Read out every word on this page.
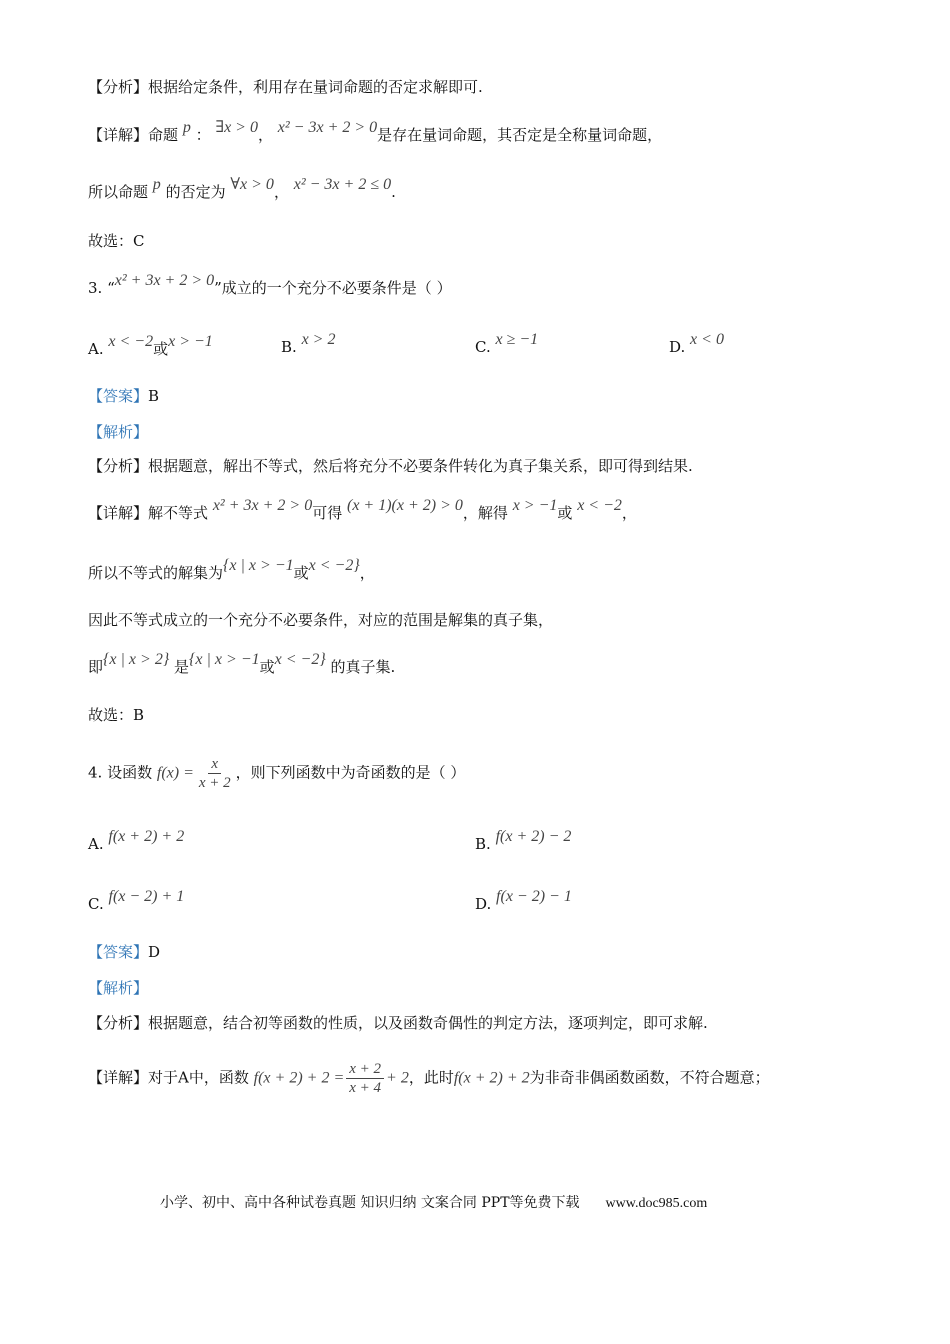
【分析】根据给定条件，利用存在量词命题的否定求解即可.
【详解】命题 p ： ∃x > 0， x² − 3x + 2 > 0是存在量词命题，其否定是全称量词命题，
所以命题 p 的否定为 ∀x > 0， x² − 3x + 2 ≤ 0.
故选：C
3. “x² + 3x + 2 > 0”成立的一个充分不必要条件是（ ）
A. x < −2或x > −1	B. x > 2	C. x ≥ −1	D. x < 0
【答案】B
【解析】
【分析】根据题意，解出不等式，然后将充分不必要条件转化为真子集关系，即可得到结果.
【详解】解不等式 x² + 3x + 2 > 0可得 (x + 1)(x + 2) > 0，解得 x > −1或 x < −2，
所以不等式的解集为{x | x > −1或x < −2}，
因此不等式成立的一个充分不必要条件，对应的范围是解集的真子集，
即{x | x > 2} 是{x | x > −1或x < −2} 的真子集.
故选：B
4. 设函数 $f(x) = \frac{x}{x + 2}$ ，则下列函数中为奇函数的是（ ）
A. f(x + 2) + 2	B. f(x + 2) − 2
C. f(x − 2) + 1	D. f(x − 2) − 1
【答案】D
【解析】
【分析】根据题意，结合初等函数的性质，以及函数奇偶性的判定方法，逐项判定，即可求解.
【详解】对于A中，函数 $f(x + 2) + 2 = \frac{x + 2}{x + 4} + 2$，此时f(x + 2) + 2为非奇非偶函数函数，不符合题意；
小学、初中、高中各种试卷真题 知识归纳 文案合同 PPT等免费下载 www.doc985.com
